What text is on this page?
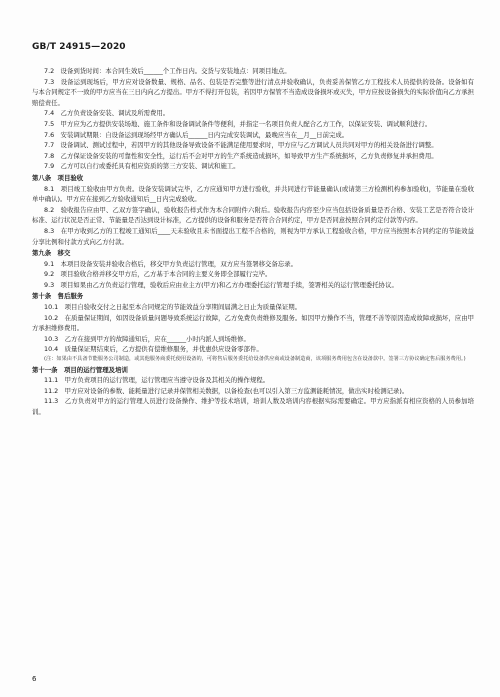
GB/T 24915—2020

7.2　设备到货时间：本合同生效后______个工作日内。交货与安装地点：同项目地点。

7.3　设备运到现场后，甲方应对设备数量、规格、品名、包装是否完整等进行清点并验收确认，负责妥善保管乙方工程技术人员提供的设备。设备如有与本合同规定不一致的甲方应当在三日内向乙方提出。甲方不得打开包装，若因甲方保管不当造成设备损坏或灭失，甲方应按设备损失的实际价值向乙方承担赔偿责任。

7.4　乙方负责设备安装、调试及所需费用。

7.5　甲方应为乙方提供安装场地、施工条件和设备调试条件等便利，并指定一名项目负责人配合乙方工作，以保证安装、调试顺利进行。

7.6　安装调试期限：自设备运到现场经甲方确认后______日内完成安装调试，最晚应当在__月__日前完成。

7.7　设备调试、测试过程中，若因甲方的其他设备导致设备不能满足使用要求时，甲方应与乙方调试人员共同对甲方的相关设备进行调整。

7.8　乙方保证设备安装的可靠性和安全性，运行后不会对甲方的生产系统造成损坏，如导致甲方生产系统损坏，乙方负责修复并承担费用。

7.9　乙方可以自行或委托具有相应资质的第三方安装、调试和施工。

第八条　项目验收

8.1　项目竣工验收由甲方负责。设备安装调试完毕，乙方应通知甲方进行验收，并共同进行节能量确认(或请第三方检测机构参加验收)，节能量在验收单中确认)。甲方应在接到乙方验收通知后__日内完成验收。

8.2　验收报告应由甲、乙双方签字确认，验收报告样式作为本合同附件六附后。验收报告内容至少应当包括设备质量是否合格、安装工艺是否符合设计标准、运行状况是否正常、节能量是否达到设计标准，乙方提供的设备和服务是否符合合同约定，甲方是否同意按照合同约定付款等内容。

8.3　在甲方收到乙方的工程竣工通知后____天未验收且未书面提出工程不合格的，则视为甲方承认工程验收合格，甲方应当按照本合同约定的节能效益分享比例和付款方式向乙方付款。

第九条　移交

9.1　本项目设备安装并验收合格后，移交甲方负责运行管理，双方应当签署移交备忘录。

9.2　项目验收合格并移交甲方后，乙方基于本合同的主要义务即全部履行完毕。

9.3　项目如果由乙方负责运行管理，验收后应由业主方(甲方)和乙方办理委托运行管理手续，签署相关的运行管理委托协议。

第十条　售后服务

10.1　项目自验收交付之日起至本合同规定的节能效益分享期间届满之日止为质量保证期。

10.2　在质量保证期间，如因设备质量问题导致系统运行故障，乙方免费负责维修及服务。如因甲方操作不当，管理不善等原因造成故障或损坏，应由甲方承担维修费用。

10.3　乙方在接到甲方的故障通知后，应在______小时内派人到场维修。

10.4　质量保证期结束后，乙方提供有偿维修服务，并优惠供应设备零部件。

(注：如果由不具备节能服务公司制造，或其他服务商委托使用设备的，可将售后服务委托给设备供应商或设备制造商，该项服务费用包含在设备款中。签署三方协议确定售后服务费用。)

第十一条　项目的运行管理及培训

11.1　甲方负责项目的运行管理，运行管理应当遵守设备及其相关的操作规程。

11.2　甲方应对设备的参数、能耗量进行记录并保管相关数据，以备检查(也可以引入第三方监测能耗情况，做出实时检测记录)。

11.3　乙方负责对甲方的运行管理人员进行设备操作、维护等技术培训，培训人数及培训内容根据实际需要确定。甲方应指派有相应资格的人员参加培训。

6
